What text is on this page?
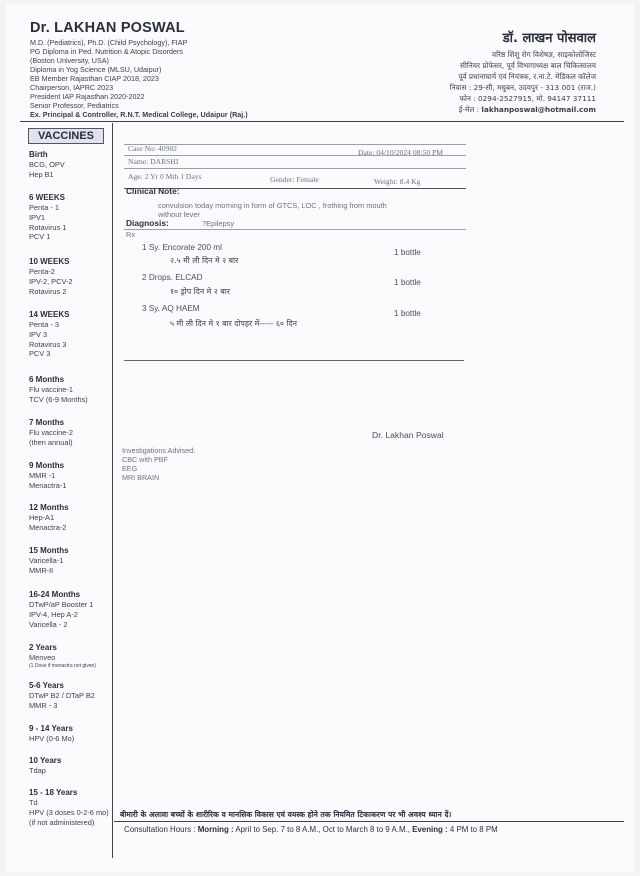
Dr. LAKHAN POSWAL
M.D. (Pediatrics), Ph.D. (Child Psychology), FIAP
PG Diploma in Ped. Nutrition & Atopic Disorders
(Boston University, USA)
Diploma in Yog Science (MLSU, Udaipur)
EB Member Rajasthan CIAP 2018, 2023
Chairperson, IAPRC 2023
President IAP Rajasthan 2020-2022
Senior Professor, Pediatrics
Ex. Principal & Controller, R.N.T. Medical College, Udaipur (Raj.)
डॉ. लाखन पोसवाल
वरिष्ठ शिशु रोग विशेषज्ञ, साइकोलोजिस्ट
सीनियर प्रोफेसर, पूर्व विभागाध्यक्ष बाल चिकित्सालय
पूर्व प्रधानाचार्य एवं नियंत्रक, र.ना.टे. मेडिकल कॉलेज
निवास : 29-सी, मधुबन, उदयपुर - 313 001 (राज.)
फोन : 0294-2527915, मो. 94147 37111
ई-मेल : lakhanposwal@hotmail.com
VACCINES
Birth
BCG, OPV
Hep B1
6 WEEKS
Penta - 1
IPV1
Rotavirus 1
PCV 1
10 WEEKS
Penta-2
IPV-2, PCV-2
Rotavirus 2
14 WEEKS
Penta - 3
IPV 3
Rotavirus 3
PCV 3
6 Months
Flu vaccine-1
TCV (6-9 Months)
7 Months
Flu vaccine-2
(then annual)
9 Months
MMR -1
Menactra-1
12 Months
Hep-A1
Menactra-2
15 Months
Varicella-1
MMR-II
16-24 Months
DTwP/aP Booster 1
IPV-4, Hep A-2
Varicella - 2
2 Years
Menveo
(1 Dose if menactra not given)
5-6 Years
DTwP B2 / DTaP B2
MMR - 3
9 - 14 Years
HPV (0-6 Mo)
10 Years
Tdap
15 - 18 Years
Td
HPV (3 doses 0-2-6 mo)
(if not administered)
Case No: 40982	Date: 04/10/2024 08:50 PM
Name: DARSHI
Age: 2 Yr 0 Mth 1 Days	Gender: Female	Weight: 8.4 Kg
Clinical Note:
convulsion today morning in form of GTCS, LOC , frothing from mouth
without fever
Diagnosis:	?Epilepsy
Rx
1 Sy. Encorate 200 ml
1 bottle
२.५ मी ली दिन मे २ बार
2 Drops. ELCAD
1 bottle
१० ड्रोप दिन मे २ बार
3 Sy. AQ HAEM
1 bottle
५ मी ली दिन मे १ बार दोपहर में----- ६० दिन
Dr. Lakhan Poswal
Investigations Advised:
CBC with PBF
EEG
MRI BRAIN
बीमारी के अलावा बच्चों के शारीरिक व मानसिक विकास एवं वयस्क होने तक नियमित टिकाकरण पर भी अवश्य ध्यान दें।
Consultation Hours : Morning : April to Sep. 7 to 8 A.M., Oct to March 8 to 9 A.M., Evening : 4 PM to 8 PM
